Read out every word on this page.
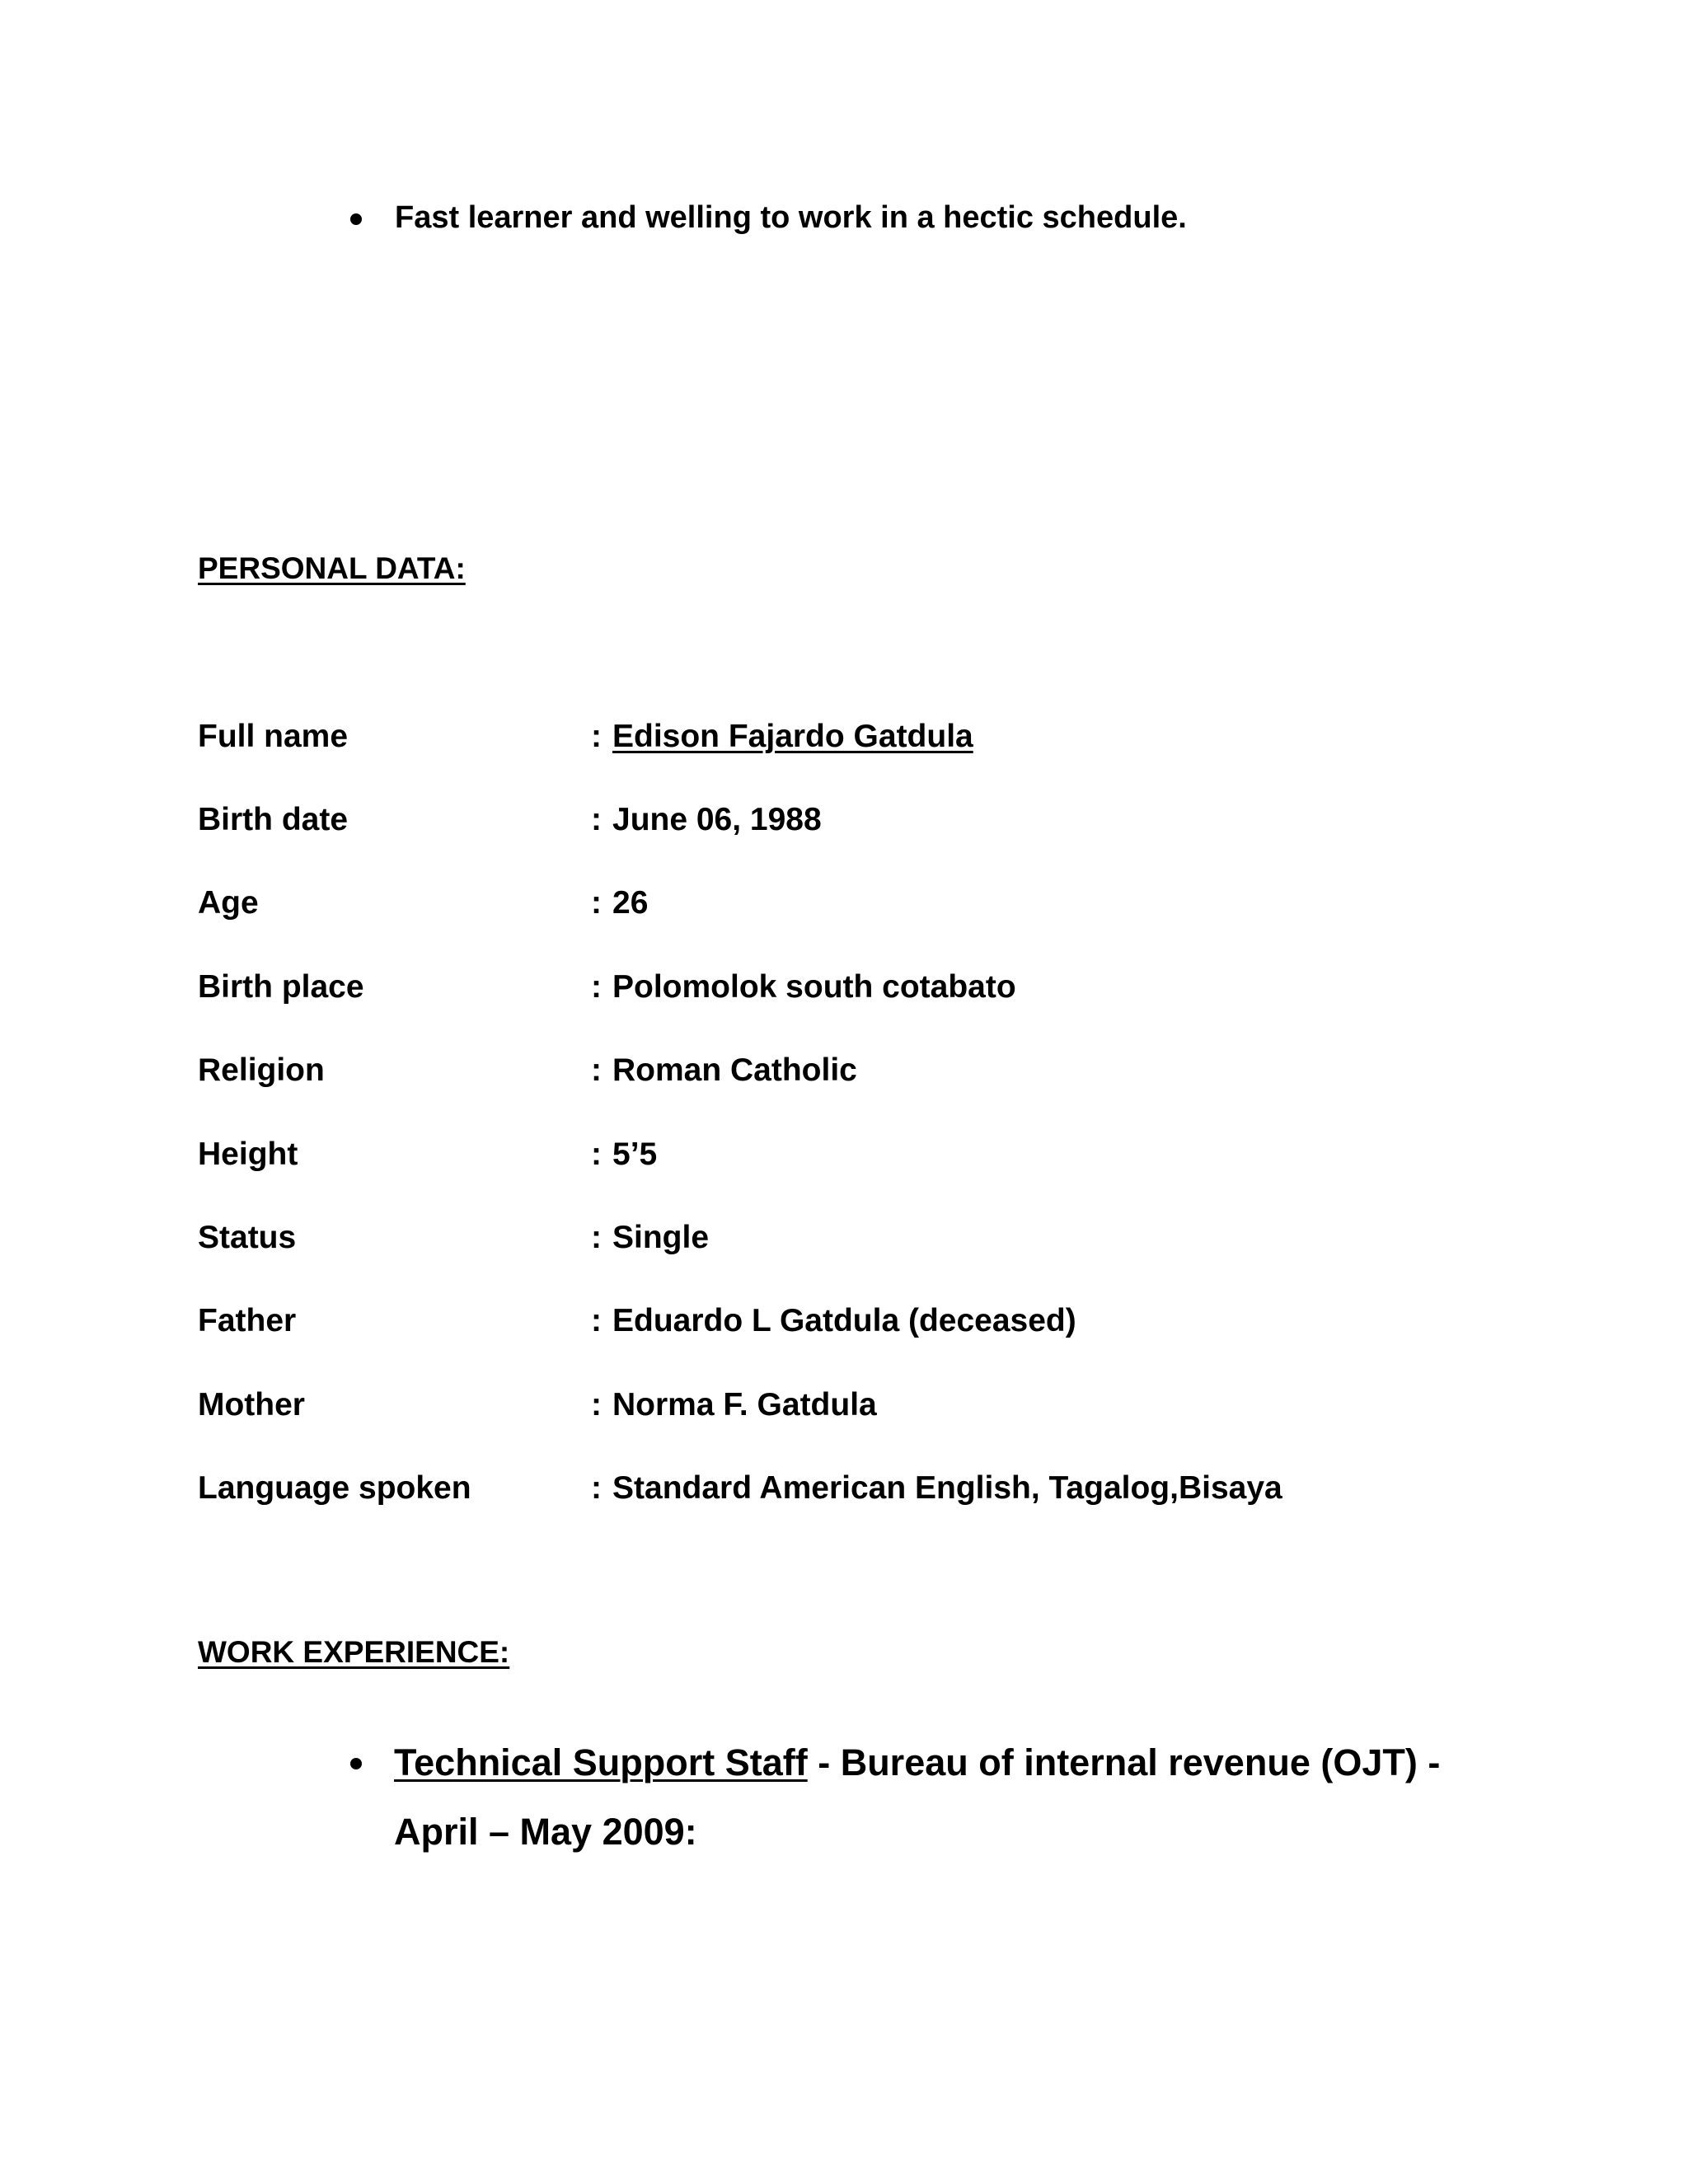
Fast learner and welling to work in a hectic schedule.
PERSONAL DATA:
Full name	: Edison Fajardo Gatdula
Birth date	: June 06, 1988
Age	: 26
Birth place	: Polomolok south cotabato
Religion	: Roman Catholic
Height	: 5’5
Status	: Single
Father	: Eduardo L Gatdula (deceased)
Mother	: Norma F. Gatdula
Language spoken	: Standard American English, Tagalog,Bisaya
WORK EXPERIENCE:
Technical Support Staff - Bureau of internal revenue (OJT) - April – May 2009:
